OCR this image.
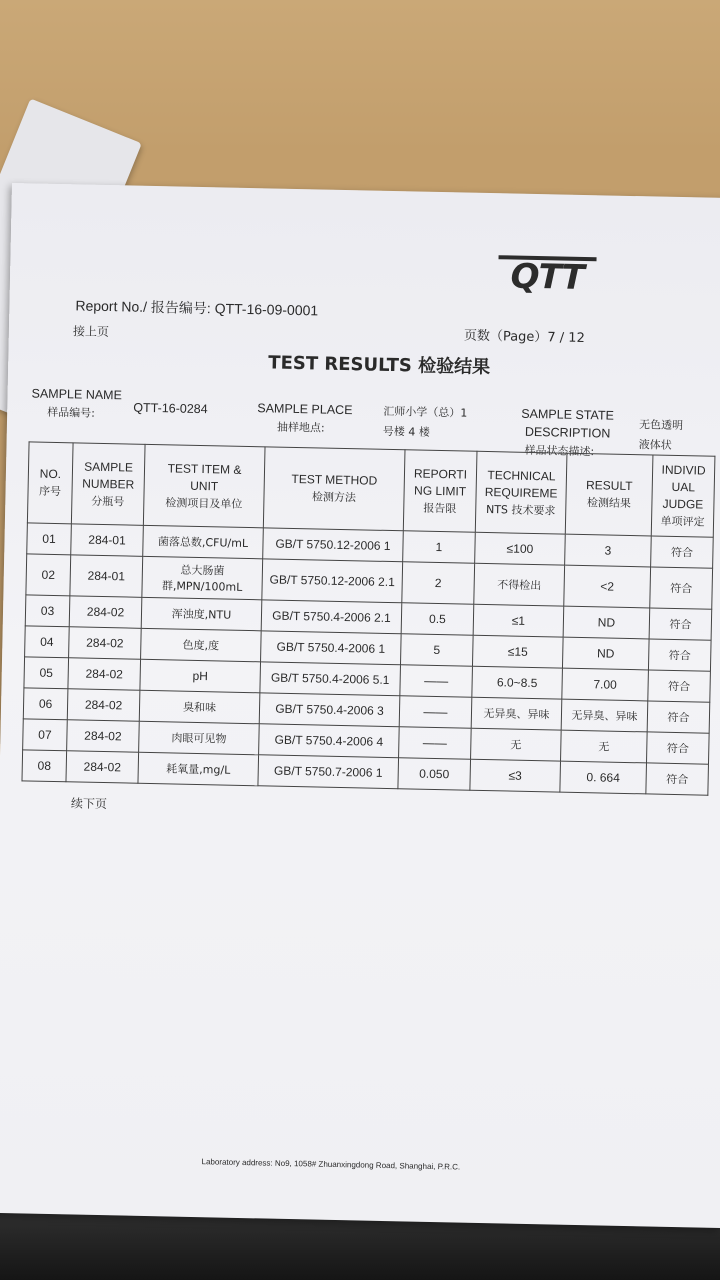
QTT
Report No./ 报告编号: QTT-16-09-0001
接上页	页数（Page）7 / 12
TEST RESULTS 检验结果
SAMPLE NAME
样品编号:	QTT-16-0284	SAMPLE PLACE
抽样地点:
汇师小学（总）1
号楼 4 楼
SAMPLE STATE
DESCRIPTION
样品状态描述:
无色透明
液体状
NO.
序号	SAMPLE
NUMBER
分瓶号	TEST ITEM &
UNIT
检测项目及单位	TEST METHOD
检测方法	REPORTI
NG LIMIT
报告限	TECHNICAL
REQUIREME
NTS 技术要求	RESULT
检测结果	INDIVID
UAL
JUDGE
单项评定
01	284-01	菌落总数,CFU/mL	GB/T 5750.12-2006 1	1	≤100	3	符合
02	284-01	总大肠菌群,MPN/100mL	GB/T 5750.12-2006 2.1	2	不得检出	<2	符合
03	284-02	浑浊度,NTU	GB/T 5750.4-2006 2.1	0.5	≤1	ND	符合
04	284-02	色度,度	GB/T 5750.4-2006 1	5	≤15	ND	符合
05	284-02	pH	GB/T 5750.4-2006 5.1	——	6.0~8.5	7.00	符合
06	284-02	臭和味	GB/T 5750.4-2006 3	——	无异臭、异味	无异臭、异味	符合
07	284-02	肉眼可见物	GB/T 5750.4-2006 4	——	无	无	符合
08	284-02	耗氧量,mg/L	GB/T 5750.7-2006 1	0.050	≤3	0. 664	符合
续下页
Laboratory address: No9, 1058# Zhuanxingdong Road, Shanghai, P.R.C.
